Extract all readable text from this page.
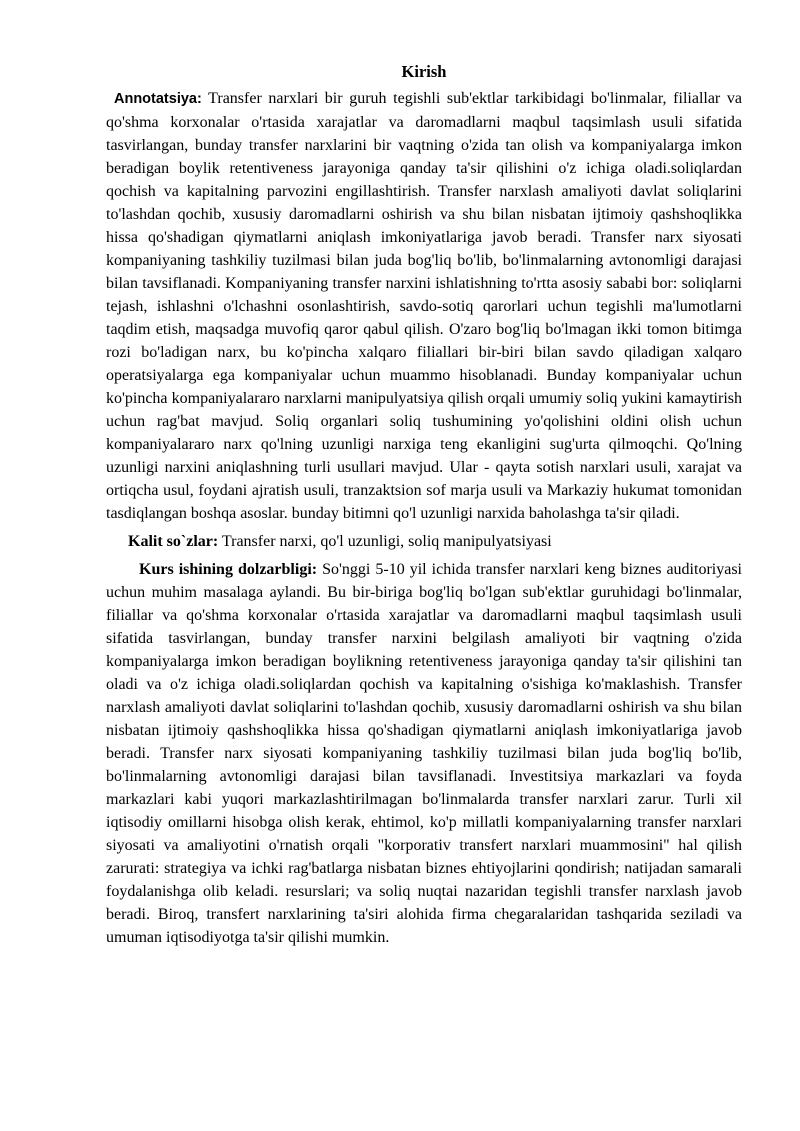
Kirish

Annotatsiya: Transfer narxlari bir guruh tegishli sub'ektlar tarkibidagi bo'linmalar, filiallar va qo'shma korxonalar o'rtasida xarajatlar va daromadlarni maqbul taqsimlash usuli sifatida tasvirlangan, bunday transfer narxlarini bir vaqtning o'zida tan olish va kompaniyalarga imkon beradigan boylik retentiveness jarayoniga qanday ta'sir qilishini o'z ichiga oladi.soliqlardan qochish va kapitalning parvozini engillashtirish. Transfer narxlash amaliyoti davlat soliqlarini to'lashdan qochib, xususiy daromadlarni oshirish va shu bilan nisbatan ijtimoiy qashshoqlikka hissa qo'shadigan qiymatlarni aniqlash imkoniyatlariga javob beradi. Transfer narx siyosati kompaniyaning tashkiliy tuzilmasi bilan juda bog'liq bo'lib, bo'linmalarning avtonomligi darajasi bilan tavsiflanadi. Kompaniyaning transfer narxini ishlatishning to'rtta asosiy sababi bor: soliqlarni tejash, ishlashni o'lchashni osonlashtirish, savdo-sotiq qarorlari uchun tegishli ma'lumotlarni taqdim etish, maqsadga muvofiq qaror qabul qilish. O'zaro bog'liq bo'lmagan ikki tomon bitimga rozi bo'ladigan narx, bu ko'pincha xalqaro filiallari bir-biri bilan savdo qiladigan xalqaro operatsiyalarga ega kompaniyalar uchun muammo hisoblanadi. Bunday kompaniyalar uchun ko'pincha kompaniyalararo narxlarni manipulyatsiya qilish orqali umumiy soliq yukini kamaytirish uchun rag'bat mavjud. Soliq organlari soliq tushumining yo'qolishini oldini olish uchun kompaniyalararo narx qo'lning uzunligi narxiga teng ekanligini sug'urta qilmoqchi. Qo'lning uzunligi narxini aniqlashning turli usullari mavjud. Ular - qayta sotish narxlari usuli, xarajat va ortiqcha usul, foydani ajratish usuli, tranzaktsion sof marja usuli va Markaziy hukumat tomonidan tasdiqlangan boshqa asoslar. bunday bitimni qo'l uzunligi narxida baholashga ta'sir qiladi.

Kalit so`zlar: Transfer narxi, qo'l uzunligi, soliq manipulyatsiyasi

Kurs ishining dolzarbligi: So'nggi 5-10 yil ichida transfer narxlari keng biznes auditoriyasi uchun muhim masalaga aylandi. Bu bir-biriga bog'liq bo'lgan sub'ektlar guruhidagi bo'linmalar, filiallar va qo'shma korxonalar o'rtasida xarajatlar va daromadlarni maqbul taqsimlash usuli sifatida tasvirlangan, bunday transfer narxini belgilash amaliyoti bir vaqtning o'zida kompaniyalarga imkon beradigan boylikning retentiveness jarayoniga qanday ta'sir qilishini tan oladi va o'z ichiga oladi.soliqlardan qochish va kapitalning o'sishiga ko'maklashish. Transfer narxlash amaliyoti davlat soliqlarini to'lashdan qochib, xususiy daromadlarni oshirish va shu bilan nisbatan ijtimoiy qashshoqlikka hissa qo'shadigan qiymatlarni aniqlash imkoniyatlariga javob beradi. Transfer narx siyosati kompaniyaning tashkiliy tuzilmasi bilan juda bog'liq bo'lib, bo'linmalarning avtonomligi darajasi bilan tavsiflanadi. Investitsiya markazlari va foyda markazlari kabi yuqori markazlashtirilmagan bo'linmalarda transfer narxlari zarur. Turli xil iqtisodiy omillarni hisobga olish kerak, ehtimol, ko'p millatli kompaniyalarning transfer narxlari siyosati va amaliyotini o'rnatish orqali "korporativ transfert narxlari muammosini" hal qilish zarurati: strategiya va ichki rag'batlarga nisbatan biznes ehtiyojlarini qondirish; natijadan samarali foydalanishga olib keladi. resurslari; va soliq nuqtai nazaridan tegishli transfer narxlash javob beradi. Biroq, transfert narxlarining ta'siri alohida firma chegaralaridan tashqarida seziladi va umuman iqtisodiyotga ta'sir qilishi mumkin.
